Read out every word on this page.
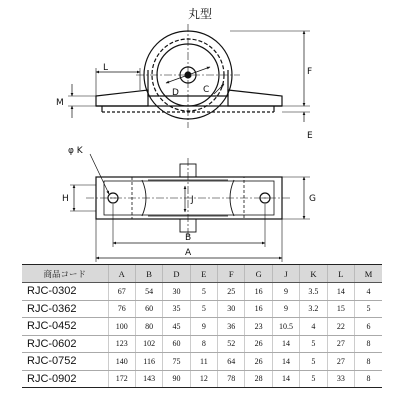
丸型
L
D	C
M
F
E
φ K
H	J	G
B
A
商品コード	A	B	D	E	F	G	J	K	L	M
RJC-0302	67	54	30	5	25	16	9	3.5	14	4
RJC-0362	76	60	35	5	30	16	9	3.2	15	5
RJC-0452	100	80	45	9	36	23	10.5	4	22	6
RJC-0602	123	102	60	8	52	26	14	5	27	8
RJC-0752	140	116	75	11	64	26	14	5	27	8
RJC-0902	172	143	90	12	78	28	14	5	33	8
